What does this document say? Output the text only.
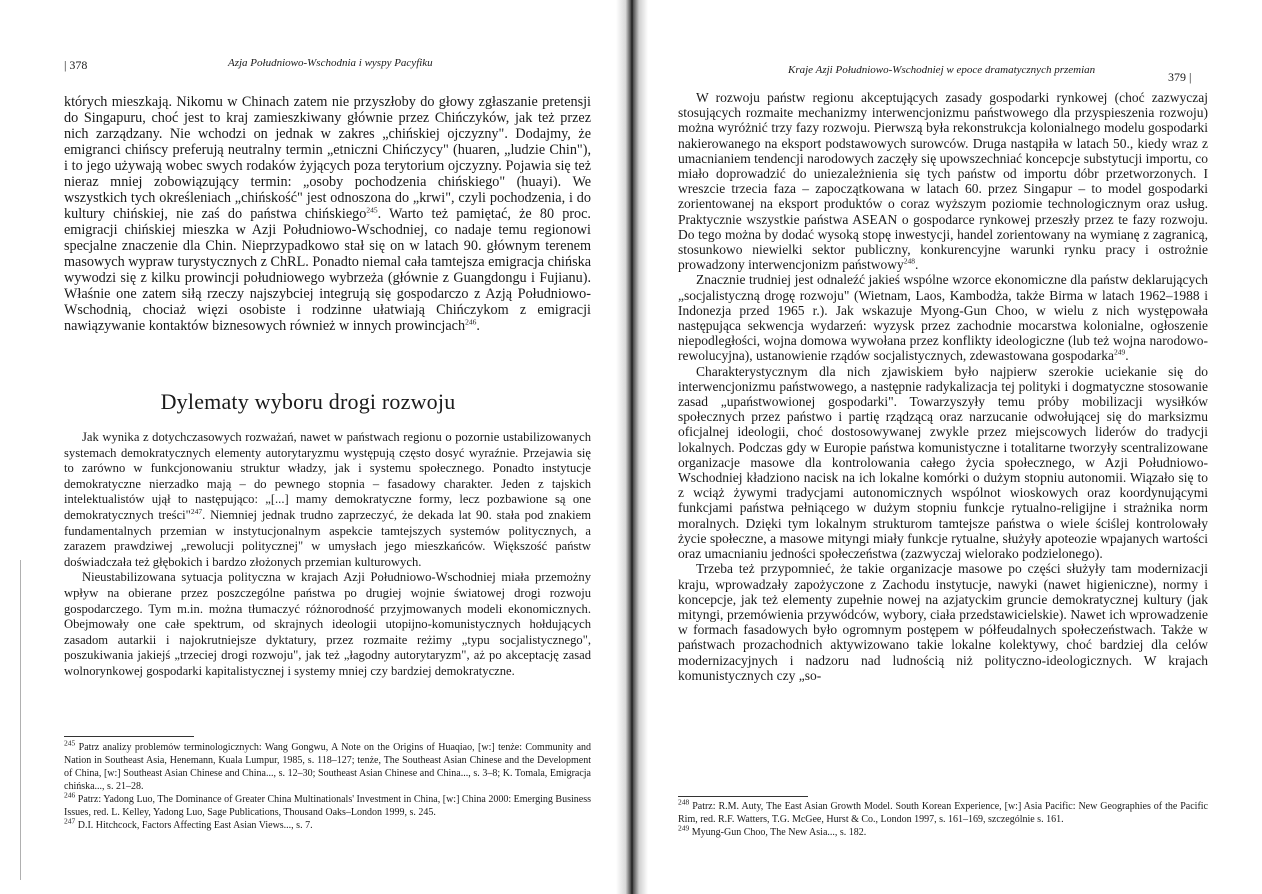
| 378	Azja Południowo-Wschodnia i wyspy Pacyfiku

których mieszkają. Nikomu w Chinach zatem nie przyszłoby do głowy zgłaszanie pretensji do Singapuru, choć jest to kraj zamieszkiwany głównie przez Chińczyków, jak też przez nich zarządzany. Nie wchodzi on jednak w zakres „chińskiej ojczyzny". Dodajmy, że emigranci chińscy preferują neutralny termin „etniczni Chińczycy" (huaren, „ludzie Chin"), i to jego używają wobec swych rodaków żyjących poza terytorium ojczyzny. Pojawia się też nieraz mniej zobowiązujący termin: „osoby pochodzenia chińskiego" (huayi). We wszystkich tych określeniach „chińskość" jest odnoszona do „krwi", czyli pochodzenia, i do kultury chińskiej, nie zaś do państwa chińskiego$^{245}$. Warto też pamiętać, że 80 proc. emigracji chińskiej mieszka w Azji Południowo-Wschodniej, co nadaje temu regionowi specjalne znaczenie dla Chin. Nieprzypadkowo stał się on w latach 90. głównym terenem masowych wypraw turystycznych z ChRL. Ponadto niemal cała tamtejsza emigracja chińska wywodzi się z kilku prowincji południowego wybrzeża (głównie z Guangdongu i Fujianu). Właśnie one zatem siłą rzeczy najszybciej integrują się gospodarczo z Azją Południowo-Wschodnią, chociaż więzi osobiste i rodzinne ułatwiają Chińczykom z emigracji nawiązywanie kontaktów biznesowych również w innych prowincjach$^{246}$.

Dylematy wyboru drogi rozwoju

Jak wynika z dotychczasowych rozważań, nawet w państwach regionu o pozornie ustabilizowanych systemach demokratycznych elementy autorytaryzmu występują często dosyć wyraźnie. Przejawia się to zarówno w funkcjonowaniu struktur władzy, jak i systemu społecznego. Ponadto instytucje demokratyczne nierzadko mają – do pewnego stopnia – fasadowy charakter. Jeden z tajskich intelektualistów ujął to następująco: „[...] mamy demokratyczne formy, lecz pozbawione są one demokratycznych treści"$^{247}$. Niemniej jednak trudno zaprzeczyć, że dekada lat 90. stała pod znakiem fundamentalnych przemian w instytucjonalnym aspekcie tamtejszych systemów politycznych, a zarazem prawdziwej „rewolucji politycznej" w umysłach jego mieszkańców. Większość państw doświadczała też głębokich i bardzo złożonych przemian kulturowych.

Nieustabilizowana sytuacja polityczna w krajach Azji Południowo-Wschodniej miała przemożny wpływ na obierane przez poszczególne państwa po drugiej wojnie światowej drogi rozwoju gospodarczego. Tym m.in. można tłumaczyć różnorodność przyjmowanych modeli ekonomicznych. Obejmowały one całe spektrum, od skrajnych ideologii utopijno-komunistycznych hołdujących zasadom autarkii i najokrutniejsze dyktatury, przez rozmaite reżimy „typu socjalistycznego", poszukiwania jakiejś „trzeciej drogi rozwoju", jak też „łagodny autorytaryzm", aż po akceptację zasad wolnorynkowej gospodarki kapitalistycznej i systemy mniej czy bardziej demokratyczne.

$^{245}$ Patrz analizy problemów terminologicznych: Wang Gongwu, A Note on the Origins of Huaqiao, [w:] tenże: Community and Nation in Southeast Asia, Henemann, Kuala Lumpur, 1985, s. 118–127; tenże, The Southeast Asian Chinese and the Development of China, [w:] Southeast Asian Chinese and China..., s. 12–30; Southeast Asian Chinese and China..., s. 3–8; K. Tomala, Emigracja chińska..., s. 21–28.

$^{246}$ Patrz: Yadong Luo, The Dominance of Greater China Multinationals' Investment in China, [w:] China 2000: Emerging Business Issues, red. L. Kelley, Yadong Luo, Sage Publications, Thousand Oaks–London 1999, s. 245.

$^{247}$ D.I. Hitchcock, Factors Affecting East Asian Views..., s. 7.

Kraje Azji Południowo-Wschodniej w epoce dramatycznych przemian	379 |

W rozwoju państw regionu akceptujących zasady gospodarki rynkowej (choć zazwyczaj stosujących rozmaite mechanizmy interwencjonizmu państwowego dla przyspieszenia rozwoju) można wyróżnić trzy fazy rozwoju. Pierwszą była rekonstrukcja kolonialnego modelu gospodarki nakierowanego na eksport podstawowych surowców. Druga nastąpiła w latach 50., kiedy wraz z umacnianiem tendencji narodowych zaczęły się upowszechniać koncepcje substytucji importu, co miało doprowadzić do uniezależnienia się tych państw od importu dóbr przetworzonych. I wreszcie trzecia faza – zapoczątkowana w latach 60. przez Singapur – to model gospodarki zorientowanej na eksport produktów o coraz wyższym poziomie technologicznym oraz usług. Praktycznie wszystkie państwa ASEAN o gospodarce rynkowej przeszły przez te fazy rozwoju. Do tego można by dodać wysoką stopę inwestycji, handel zorientowany na wymianę z zagranicą, stosunkowo niewielki sektor publiczny, konkurencyjne warunki rynku pracy i ostrożnie prowadzony interwencjonizm państwowy$^{248}$.

Znacznie trudniej jest odnaleźć jakieś wspólne wzorce ekonomiczne dla państw deklarujących „socjalistyczną drogę rozwoju" (Wietnam, Laos, Kambodża, także Birma w latach 1962–1988 i Indonezja przed 1965 r.). Jak wskazuje Myong-Gun Choo, w wielu z nich występowała następująca sekwencja wydarzeń: wyzysk przez zachodnie mocarstwa kolonialne, ogłoszenie niepodległości, wojna domowa wywołana przez konflikty ideologiczne (lub też wojna narodowo-rewolucyjna), ustanowienie rządów socjalistycznych, zdewastowana gospodarka$^{249}$.

Charakterystycznym dla nich zjawiskiem było najpierw szerokie uciekanie się do interwencjonizmu państwowego, a następnie radykalizacja tej polityki i dogmatyczne stosowanie zasad „upaństwowionej gospodarki". Towarzyszyły temu próby mobilizacji wysiłków społecznych przez państwo i partię rządzącą oraz narzucanie odwołującej się do marksizmu oficjalnej ideologii, choć dostosowywanej zwykle przez miejscowych liderów do tradycji lokalnych. Podczas gdy w Europie państwa komunistyczne i totalitarne tworzyły scentralizowane organizacje masowe dla kontrolowania całego życia społecznego, w Azji Południowo-Wschodniej kładziono nacisk na ich lokalne komórki o dużym stopniu autonomii. Wiązało się to z wciąż żywymi tradycjami autonomicznych wspólnot wioskowych oraz koordynującymi funkcjami państwa pełniącego w dużym stopniu funkcje rytualno-religijne i strażnika norm moralnych. Dzięki tym lokalnym strukturom tamtejsze państwa o wiele ściślej kontrolowały życie społeczne, a masowe mityngi miały funkcje rytualne, służyły apoteozie wpajanych wartości oraz umacnianiu jedności społeczeństwa (zazwyczaj wielorako podzielonego).

Trzeba też przypomnieć, że takie organizacje masowe po części służyły tam modernizacji kraju, wprowadzały zapożyczone z Zachodu instytucje, nawyki (nawet higieniczne), normy i koncepcje, jak też elementy zupełnie nowej na azjatyckim gruncie demokratycznej kultury (jak mityngi, przemówienia przywódców, wybory, ciała przedstawicielskie). Nawet ich wprowadzenie w formach fasadowych było ogromnym postępem w półfeudalnych społeczeństwach. Także w państwach prozachodnich aktywizowano takie lokalne kolektywy, choć bardziej dla celów modernizacyjnych i nadzoru nad ludnością niż polityczno-ideologicznych. W krajach komunistycznych czy „so-

$^{248}$ Patrz: R.M. Auty, The East Asian Growth Model. South Korean Experience, [w:] Asia Pacific: New Geographies of the Pacific Rim, red. R.F. Watters, T.G. McGee, Hurst & Co., London 1997, s. 161–169, szczególnie s. 161.

$^{249}$ Myung-Gun Choo, The New Asia..., s. 182.
